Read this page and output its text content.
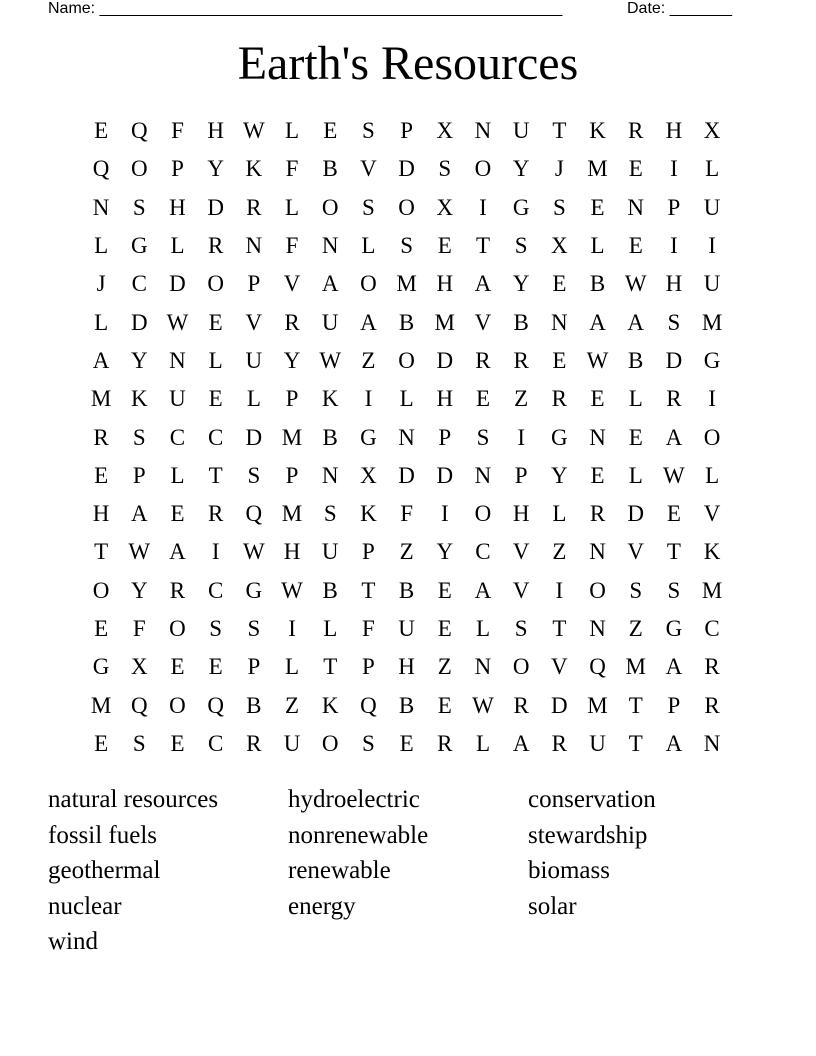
Name: ____________________________________________________	Date: _______
Earth's Resources
E Q	F	H W L	E	S	P	X N U T K R H X
Q O	P	Y K	F	B V D	S	O Y	J	M E	I	L
N	S	H D R	L O	S	O X	I	G	S	E N	P	U
L G L	R N	F	N L	S	E	T	S	X L	E	I	I
J	C D O	P	V A O M H A Y E	B W H U
L D W E V R U A B M V B N A A	S M
A Y N L U Y W Z O D R R	E W B D G
M K U E	L	P	K	I	L H E	Z	R	E	L	R	I
R	S	C C D M B G N	P	S	I	G N E A O
E	P	L	T	S	P	N X D D N	P	Y E	L W L
H A E	R Q M S	K	F	I	O H L	R D E V
T W A	I	W H U	P	Z Y C V Z N V T K
O Y R C G W B	T	B	E A V	I	O	S	S M
E	F	O	S	S	I	L	F	U E	L	S	T N Z G C
G X E	E	P	L	T	P	H Z N O V Q M A R
M Q O Q B	Z K Q B	E W R D M T	P	R
E	S	E	C R U O	S	E	R	L A R U T A N
natural resources
fossil fuels
geothermal
nuclear
wind
hydroelectric
nonrenewable
renewable
energy
conservation
stewardship
biomass
solar
